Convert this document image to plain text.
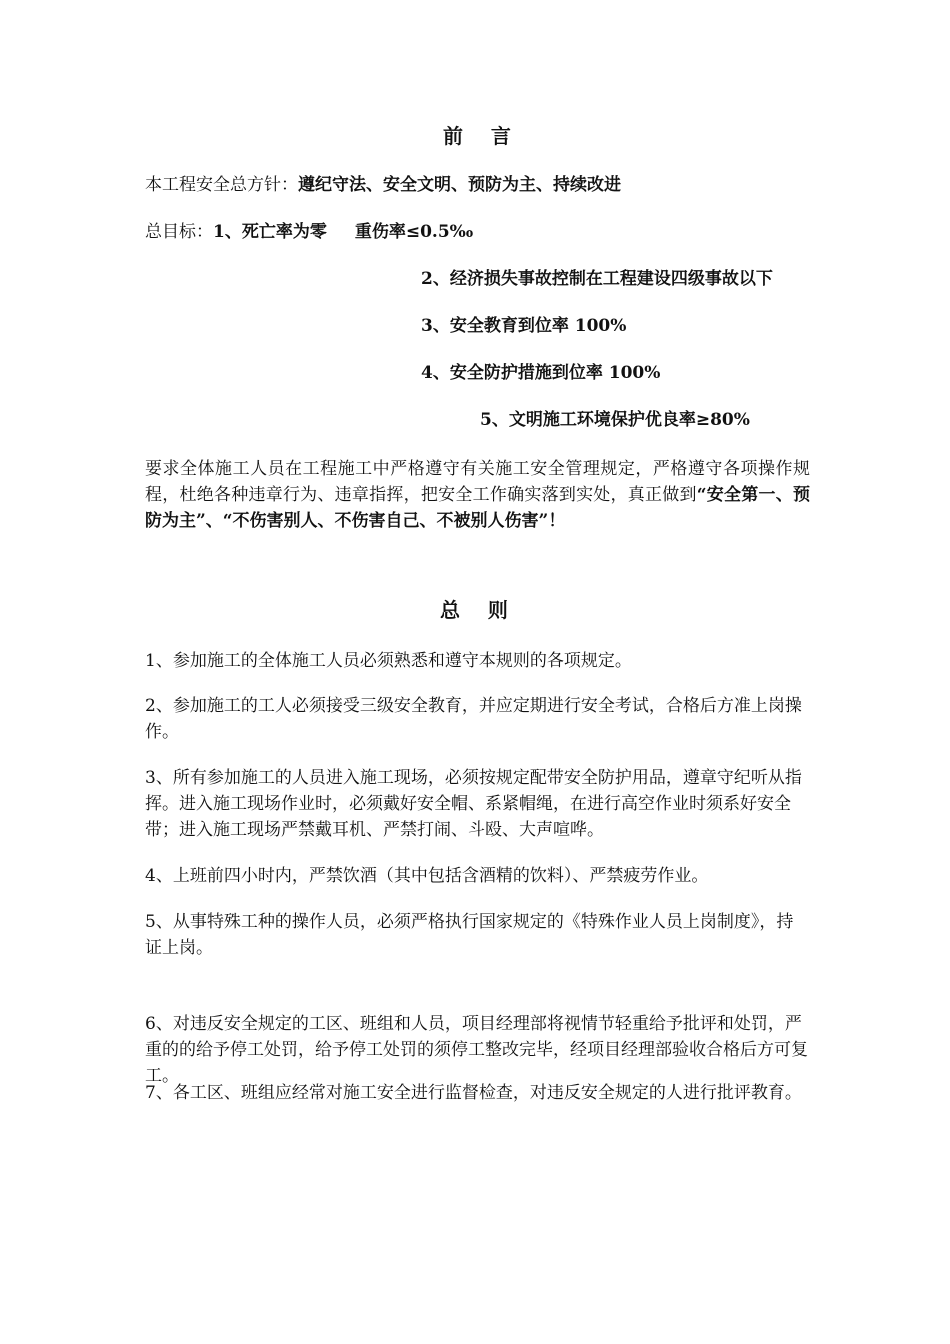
前    言
本工程安全总方针：遵纪守法、安全文明、预防为主、持续改进
总目标：1、死亡率为零 重伤率≤0.5‰
2、经济损失事故控制在工程建设四级事故以下
3、安全教育到位率 100%
4、安全防护措施到位率 100%
5、文明施工环境保护优良率≥80%
要求全体施工人员在工程施工中严格遵守有关施工安全管理规定，严格遵守各项操作规程，杜绝各种违章行为、违章指挥，把安全工作确实落到实处，真正做到“安全第一、预防为主”、“不伤害别人、不伤害自己、不被别人伤害”！
总    则
1、参加施工的全体施工人员必须熟悉和遵守本规则的各项规定。
2、参加施工的工人必须接受三级安全教育，并应定期进行安全考试，合格后方准上岗操作。
3、所有参加施工的人员进入施工现场，必须按规定配带安全防护用品，遵章守纪听从指挥。进入施工现场作业时，必须戴好安全帽、系紧帽绳，在进行高空作业时须系好安全带；进入施工现场严禁戴耳机、严禁打闹、斗殴、大声喧哗。
4、上班前四小时内，严禁饮酒（其中包括含酒精的饮料）、严禁疲劳作业。
5、从事特殊工种的操作人员，必须严格执行国家规定的《特殊作业人员上岗制度》，持证上岗。
6、对违反安全规定的工区、班组和人员，项目经理部将视情节轻重给予批评和处罚，严重的的给予停工处罚，给予停工处罚的须停工整改完毕，经项目经理部验收合格后方可复工。
7、各工区、班组应经常对施工安全进行监督检查，对违反安全规定的人进行批评教育。
